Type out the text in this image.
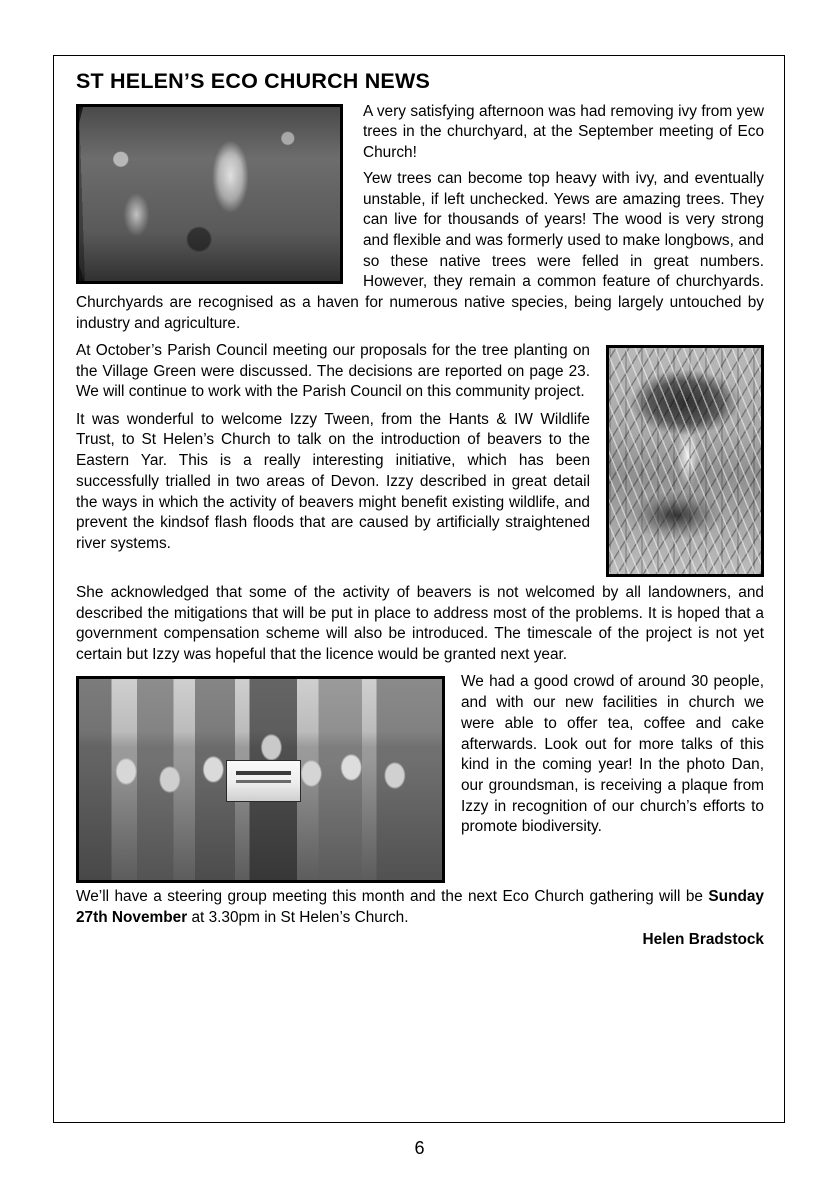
ST HELEN’S ECO CHURCH NEWS

A very satisfying afternoon was had removing ivy from yew trees in the churchyard, at the September meeting of Eco Church!

Yew trees can become top heavy with ivy, and eventually unstable, if left unchecked. Yews are amazing trees. They can live for thousands of years! The wood is very strong and flexible and was formerly used to make longbows, and so these native trees were felled in great numbers. However, they remain a common feature of churchyards. Churchyards are recognised as a haven for numerous native species, being largely untouched by industry and agriculture.

At October’s Parish Council meeting our proposals for the tree planting on the Village Green were discussed. The decisions are reported on page 23. We will continue to work with the Parish Council on this community project.

It was wonderful to welcome Izzy Tween, from the Hants & IW Wildlife Trust, to St Helen’s Church to talk on the introduction of beavers to the Eastern Yar. This is a really interesting initiative, which has been successfully trialled in two areas of Devon. Izzy described in great detail the ways in which the activity of beavers might benefit existing wildlife, and prevent the kindsof flash floods that are caused by artificially straightened river systems.

She acknowledged that some of the activity of beavers is not welcomed by all landowners, and described the mitigations that will be put in place to address most of the problems. It is hoped that a government compensation scheme will also be introduced. The timescale of the project is not yet certain but Izzy was hopeful that the licence would be granted next year.

We had a good crowd of around 30 people, and with our new facilities in church we were able to offer tea, coffee and cake afterwards. Look out for more talks of this kind in the coming year! In the photo Dan, our groundsman, is receiving a plaque from Izzy in recognition of our church’s efforts to promote biodiversity.

We’ll have a steering group meeting this month and the next Eco Church gathering will be Sunday 27th November at 3.30pm in St Helen’s Church.

Helen Bradstock
6
